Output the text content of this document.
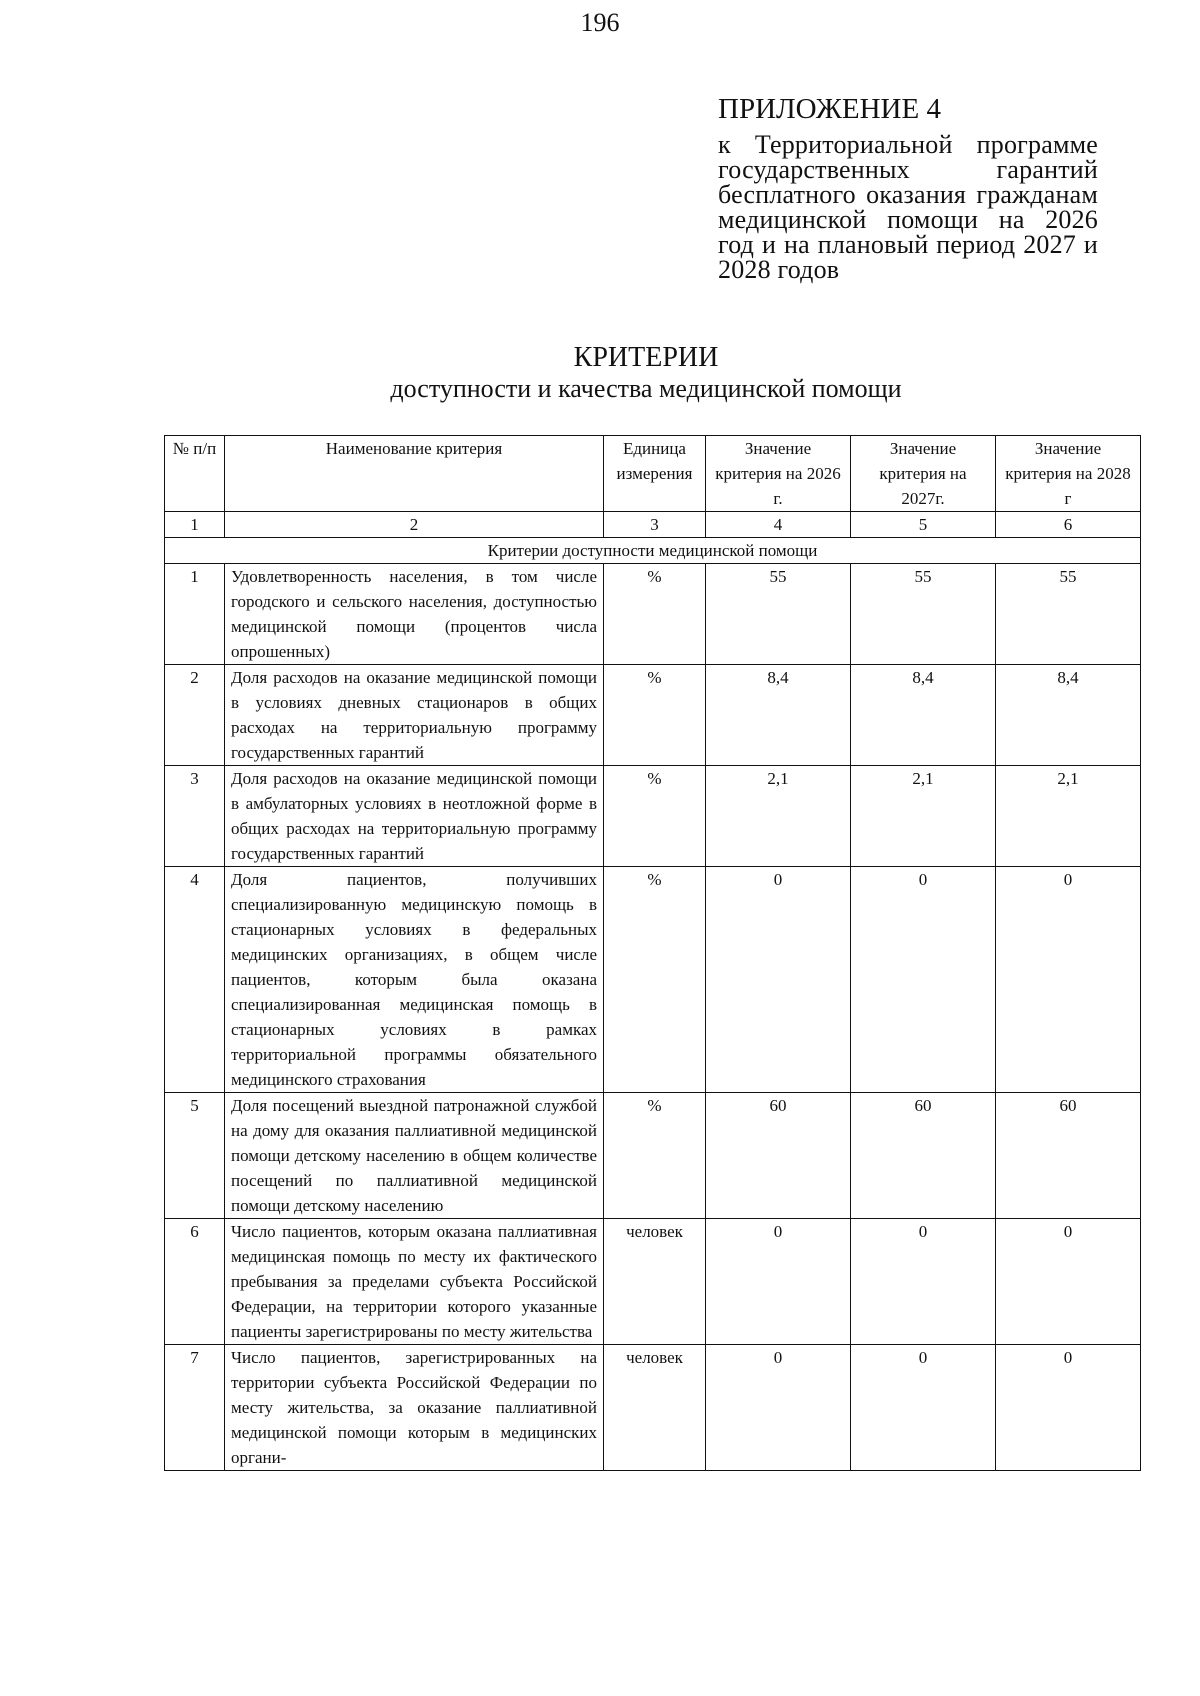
196
ПРИЛОЖЕНИЕ 4
к Территориальной программе государственных гарантий бесплатного оказания гражданам медицинской помощи на 2026 год и на плановый период 2027 и 2028 годов
КРИТЕРИИ
доступности и качества медицинской помощи
№ п/п	Наименование критерия	Единица измерения	Значение критерия на 2026 г.	Значение критерия на 2027г.	Значение критерия на 2028 г
1	2	3	4	5	6
Критерии доступности медицинской помощи					
1	Удовлетворенность населения, в том числе городского и сельского населения, доступностью медицинской помощи (процентов числа опрошенных)	%	55	55	55
2	Доля расходов на оказание медицинской помощи в условиях дневных стационаров в общих расходах на территориальную программу государственных гарантий	%	8,4	8,4	8,4
3	Доля расходов на оказание медицинской помощи в амбулаторных условиях в неотложной форме в общих расходах на территориальную программу государственных гарантий	%	2,1	2,1	2,1
4	Доля пациентов, получивших специализированную медицинскую помощь в стационарных условиях в федеральных медицинских организациях, в общем числе пациентов, которым была оказана специализированная медицинская помощь в стационарных условиях в рамках территориальной программы обязательного медицинского страхования	%	0	0	0
5	Доля посещений выездной патронажной службой на дому для оказания паллиативной медицинской помощи детскому населению в общем количестве посещений по паллиативной медицинской помощи детскому населению	%	60	60	60
6	Число пациентов, которым оказана паллиативная медицинская помощь по месту их фактического пребывания за пределами субъекта Российской Федерации, на территории которого указанные пациенты зарегистрированы по месту жительства	человек	0	0	0
7	Число пациентов, зарегистрированных на территории субъекта Российской Федерации по месту жительства, за оказание паллиативной медицинской помощи которым в медицинских органи-	человек	0	0	0
